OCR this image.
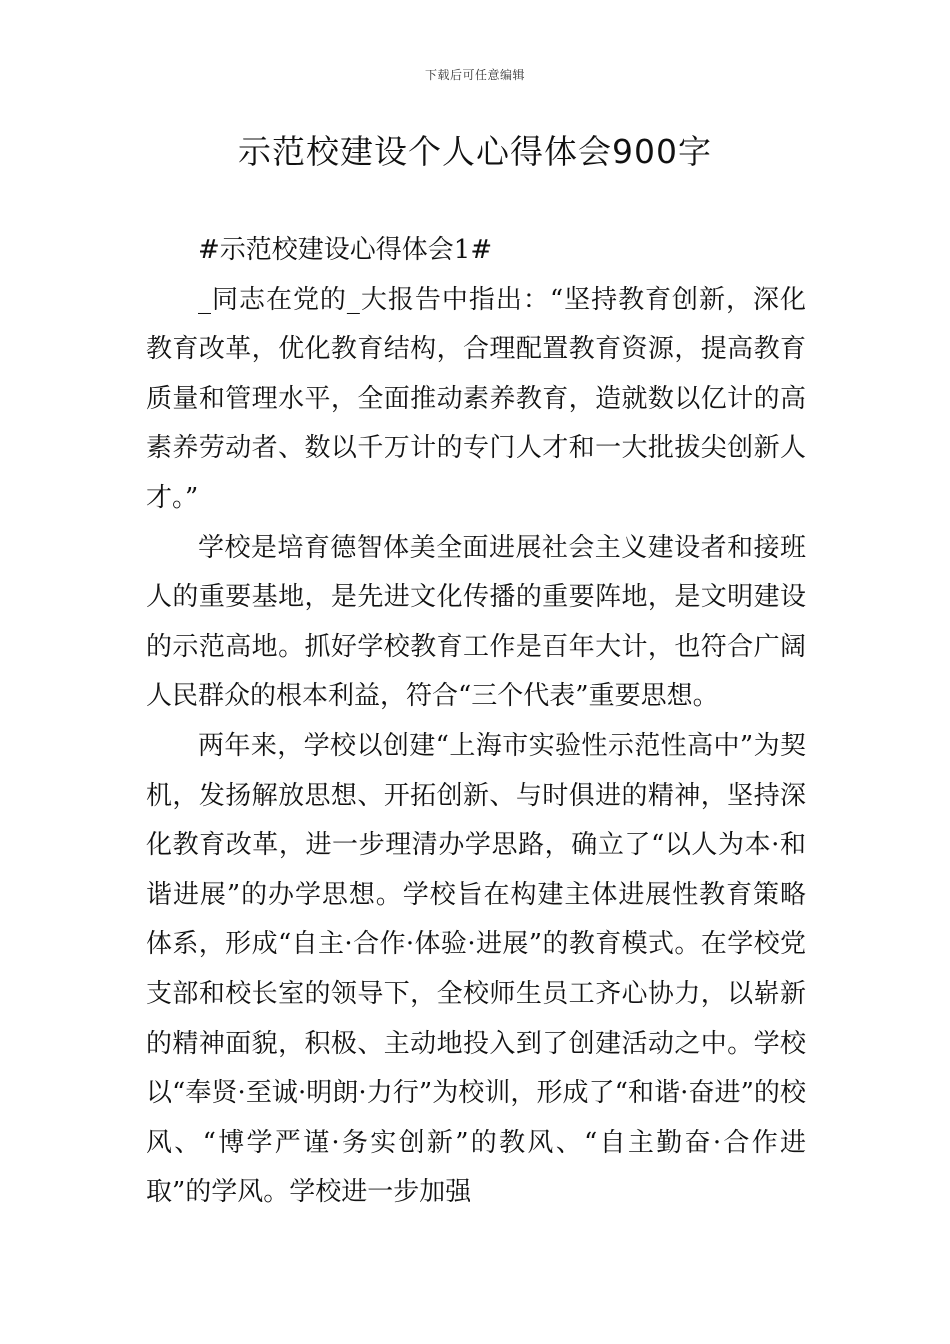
下载后可任意编辑
示范校建设个人心得体会900字

#示范校建设心得体会1#

_同志在党的_大报告中指出：“坚持教育创新，深化教育改革，优化教育结构，合理配置教育资源，提高教育质量和管理水平，全面推动素养教育，造就数以亿计的高素养劳动者、数以千万计的专门人才和一大批拔尖创新人才。”

学校是培育德智体美全面进展社会主义建设者和接班人的重要基地，是先进文化传播的重要阵地，是文明建设的示范高地。抓好学校教育工作是百年大计，也符合广阔人民群众的根本利益，符合“三个代表”重要思想。

两年来，学校以创建“上海市实验性示范性高中”为契机，发扬解放思想、开拓创新、与时俱进的精神，坚持深化教育改革，进一步理清办学思路，确立了“以人为本·和谐进展”的办学思想。学校旨在构建主体进展性教育策略体系，形成“自主·合作·体验·进展”的教育模式。在学校党支部和校长室的领导下，全校师生员工齐心协力，以崭新的精神面貌，积极、主动地投入到了创建活动之中。学校以“奉贤·至诚·明朗·力行”为校训，形成了“和谐·奋进”的校风、“博学严谨·务实创新”的教风、“自主勤奋·合作进取”的学风。学校进一步加强
